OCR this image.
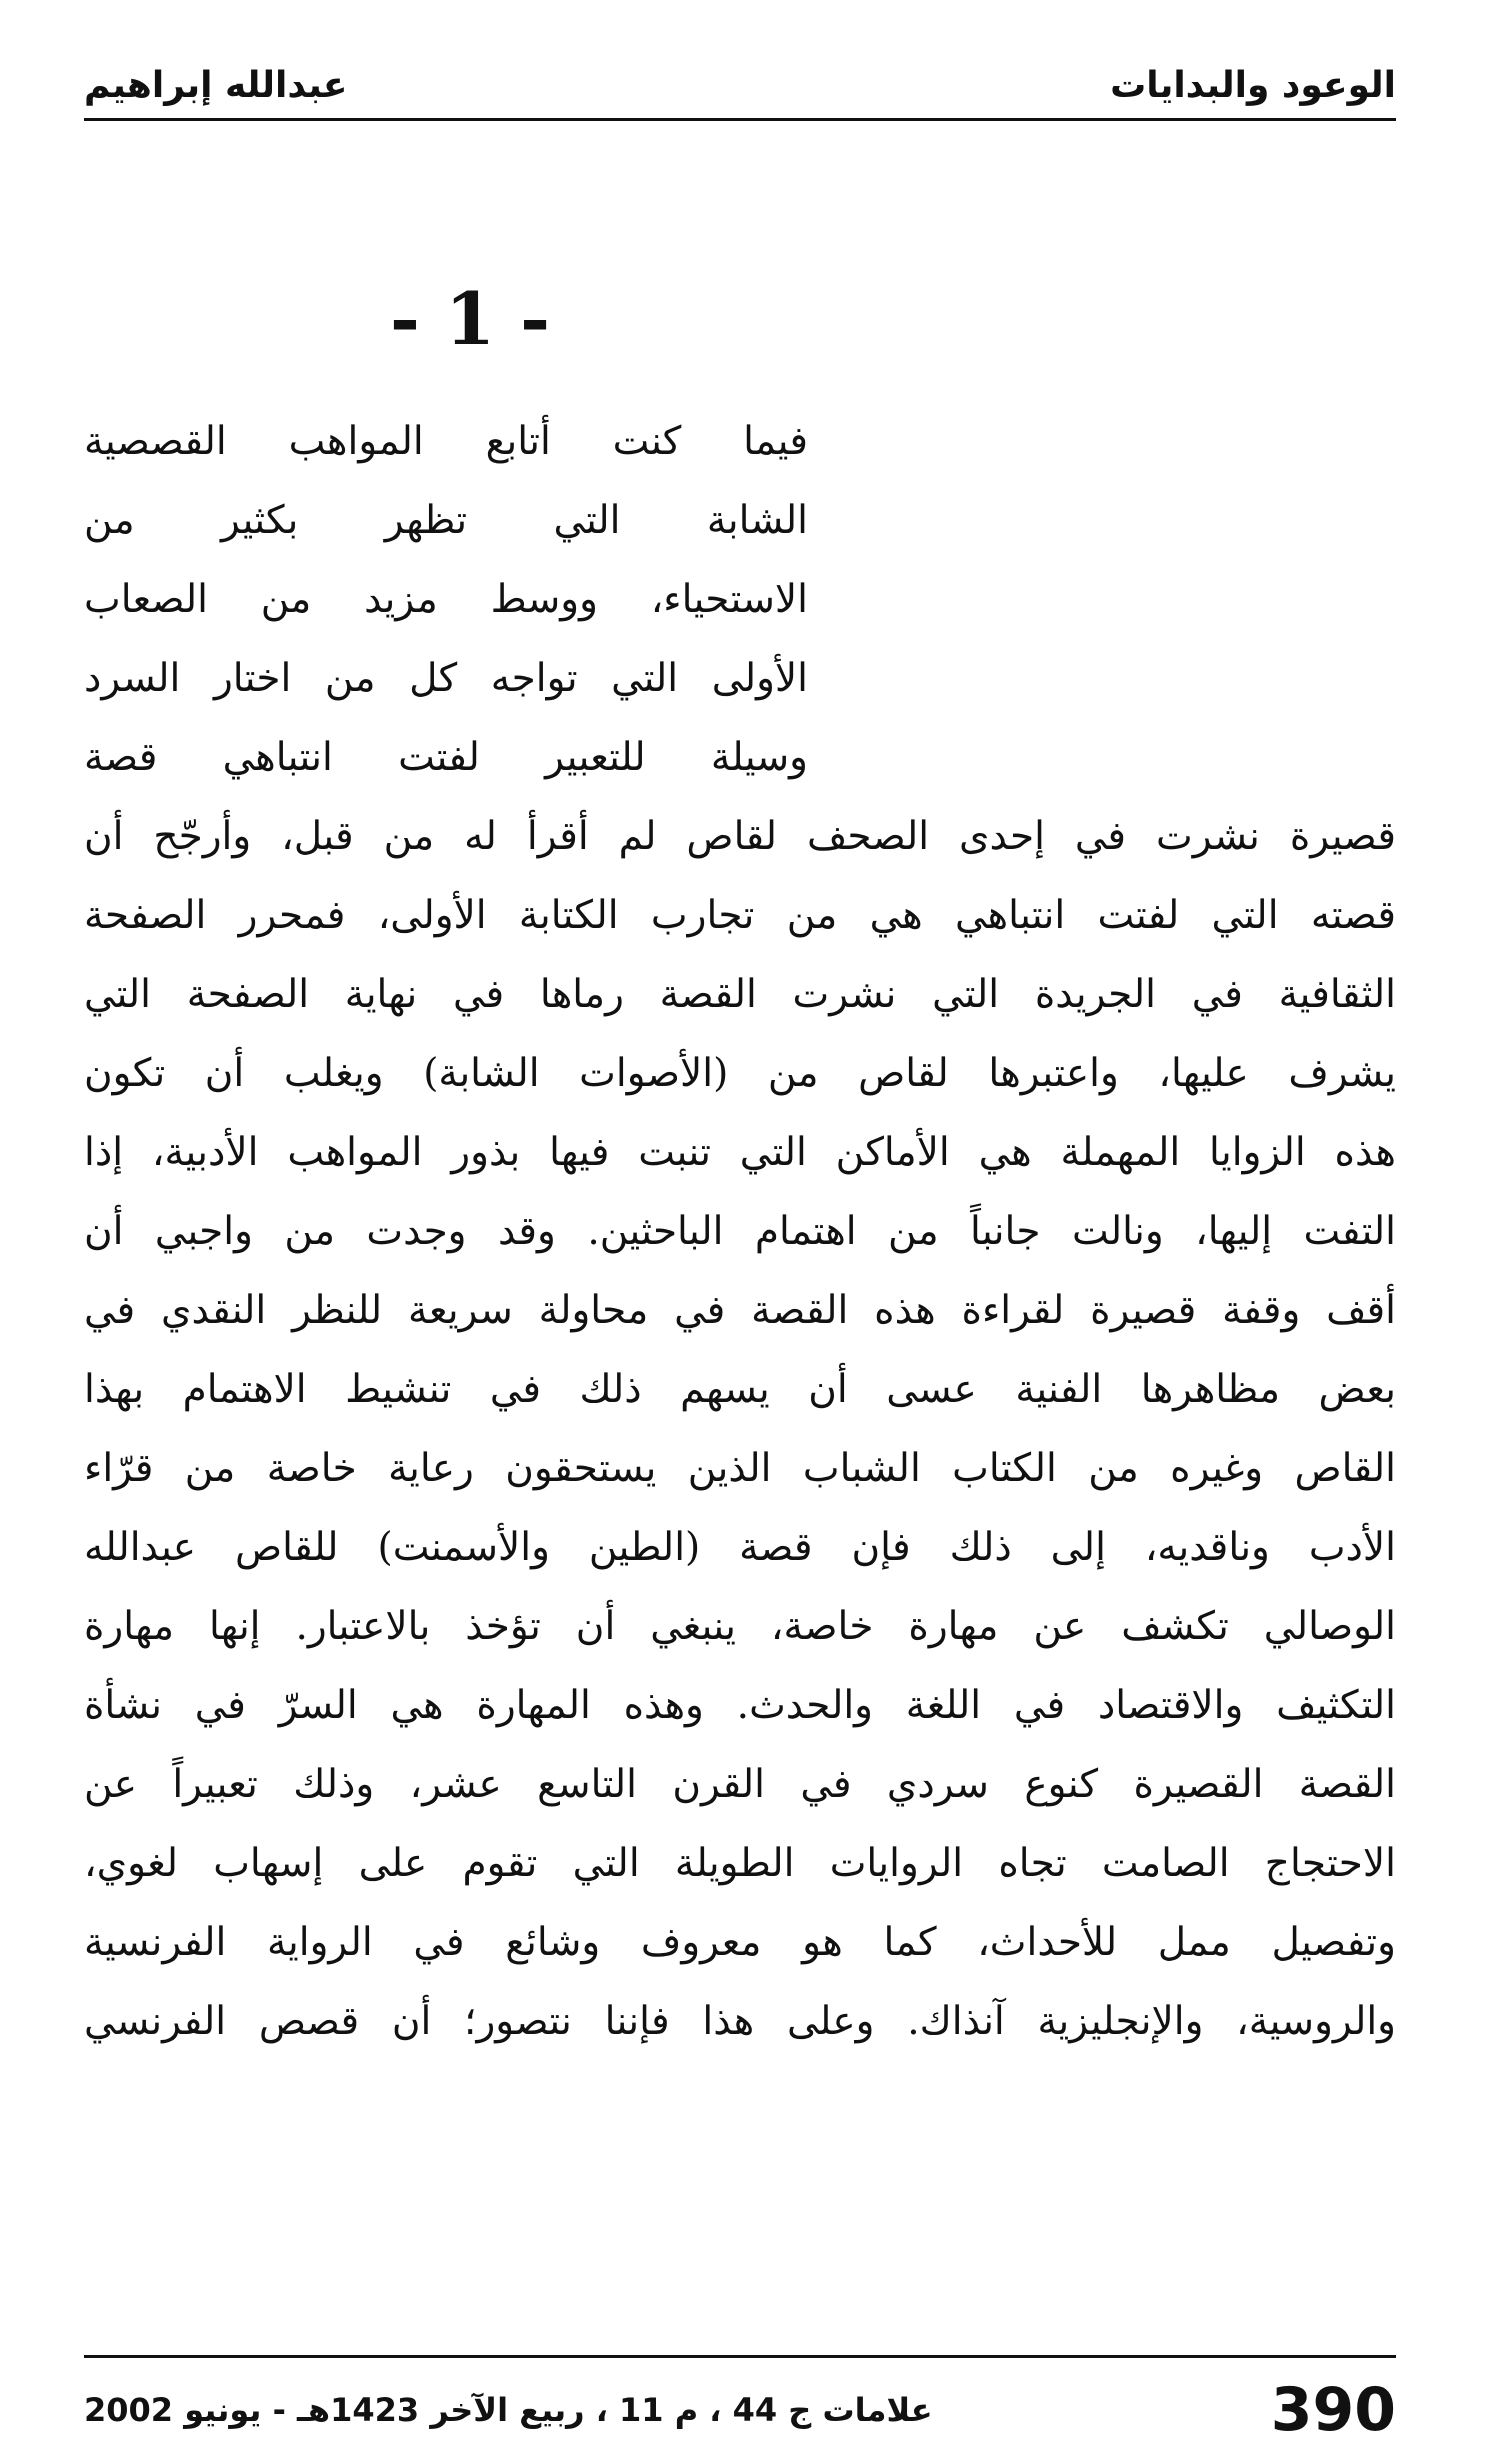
عبدالله إبراهيم	الوعود والبدايات
- 1 -
فيما كنت أتابع المواهب القصصية
الشابة التي تظهر بكثير من
الاستحياء، ووسط مزيد من الصعاب
الأولى التي تواجه كل من اختار السرد
وسيلة للتعبير لفتت انتباهي قصة
قصيرة نشرت في إحدى الصحف لقاص لم أقرأ له من قبل، وأرجّح أن
قصته التي لفتت انتباهي هي من تجارب الكتابة الأولى، فمحرر الصفحة
الثقافية في الجريدة التي نشرت القصة رماها في نهاية الصفحة التي
يشرف عليها، واعتبرها لقاص من (الأصوات الشابة) ويغلب أن تكون
هذه الزوايا المهملة هي الأماكن التي تنبت فيها بذور المواهب الأدبية، إذا
التفت إليها، ونالت جانباً من اهتمام الباحثين. وقد وجدت من واجبي أن
أقف وقفة قصيرة لقراءة هذه القصة في محاولة سريعة للنظر النقدي في
بعض مظاهرها الفنية عسى أن يسهم ذلك في تنشيط الاهتمام بهذا
القاص وغيره من الكتاب الشباب الذين يستحقون رعاية خاصة من قرّاء
الأدب وناقديه، إلى ذلك فإن قصة (الطين والأسمنت) للقاص عبدالله
الوصالي تكشف عن مهارة خاصة، ينبغي أن تؤخذ بالاعتبار. إنها مهارة
التكثيف والاقتصاد في اللغة والحدث. وهذه المهارة هي السرّ في نشأة
القصة القصيرة كنوع سردي في القرن التاسع عشر، وذلك تعبيراً عن
الاحتجاج الصامت تجاه الروايات الطويلة التي تقوم على إسهاب لغوي،
وتفصيل ممل للأحداث، كما هو معروف وشائع في الرواية الفرنسية
والروسية، والإنجليزية آنذاك. وعلى هذا فإننا نتصور؛ أن قصص الفرنسي
علامات ج 44 ، م 11 ، ربيع الآخر 1423هـ - يونيو 2002	390
